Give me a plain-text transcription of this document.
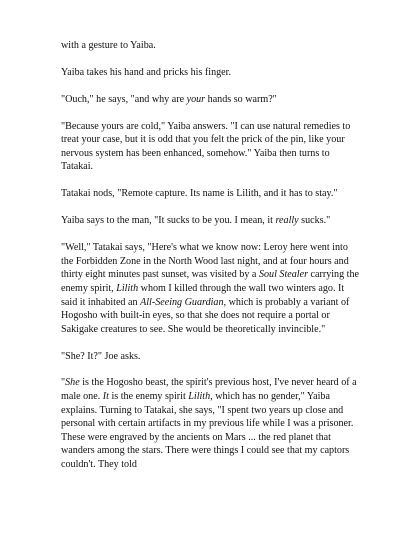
with a gesture to Yaiba.

Yaiba takes his hand and pricks his finger.

"Ouch," he says, "and why are your hands so warm?"

"Because yours are cold," Yaiba answers. "I can use natural remedies to treat your case, but it is odd that you felt the prick of the pin, like your nervous system has been enhanced, somehow." Yaiba then turns to Tatakai.

Tatakai nods, "Remote capture. Its name is Lilith, and it has to stay."

Yaiba says to the man, "It sucks to be you. I mean, it really sucks."

"Well," Tatakai says, "Here's what we know now: Leroy here went into the Forbidden Zone in the North Wood last night, and at four hours and thirty eight minutes past sunset, was visited by a Soul Stealer carrying the enemy spirit, Lilith whom I killed through the wall two winters ago. It said it inhabited an All-Seeing Guardian, which is probably a variant of Hogosho with built-in eyes, so that she does not require a portal or Sakigake creatures to see. She would be theoretically invincible."

"She? It?" Joe asks.

"She is the Hogosho beast, the spirit's previous host, I've never heard of a male one. It is the enemy spirit Lilith, which has no gender," Yaiba explains. Turning to Tatakai, she says, "I spent two years up close and personal with certain artifacts in my previous life while I was a prisoner. These were engraved by the ancients on Mars ... the red planet that wanders among the stars. There were things I could see that my captors couldn't. They told
